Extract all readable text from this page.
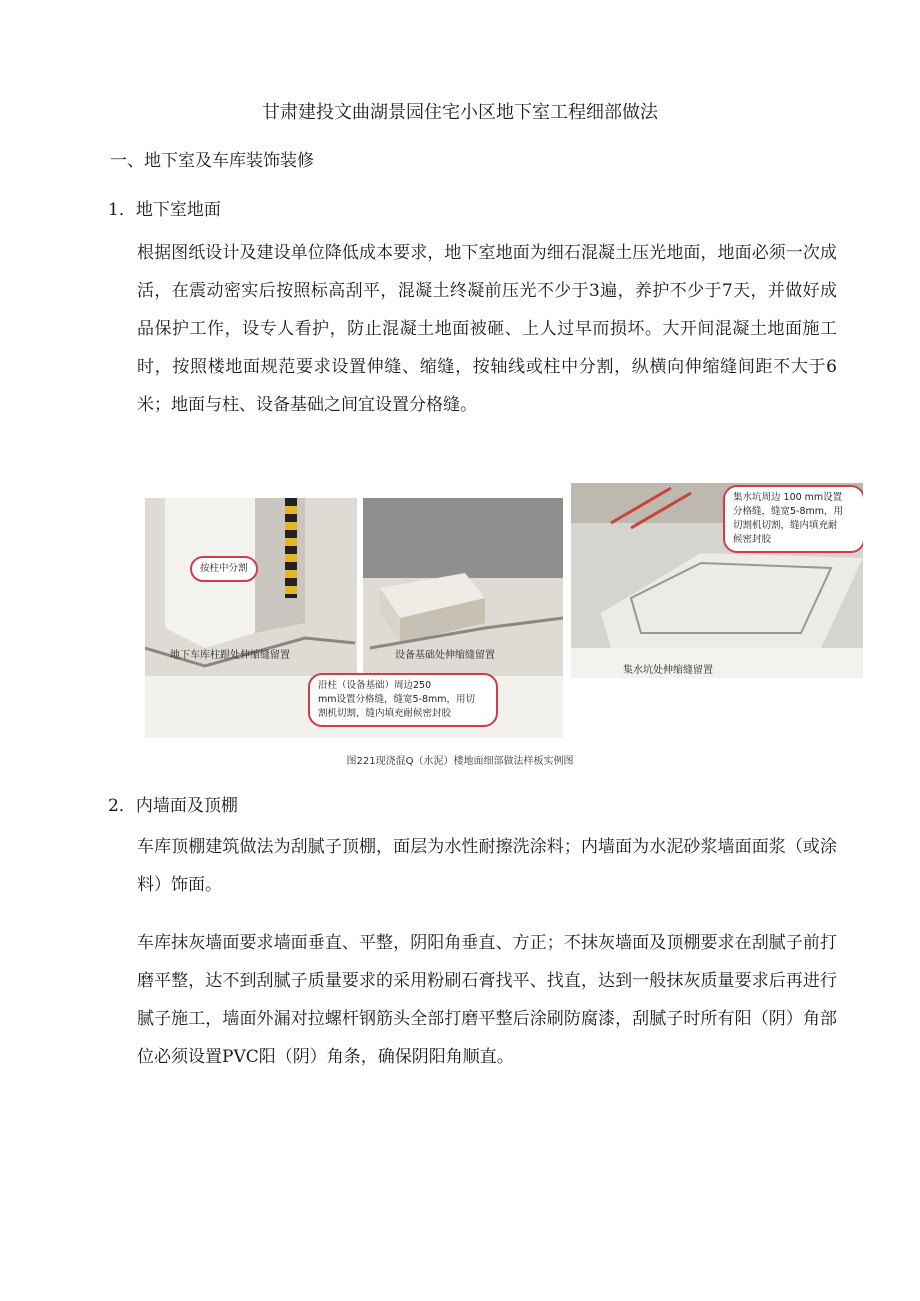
甘肃建投文曲湖景园住宅小区地下室工程细部做法
一、地下室及车库装饰装修
1．地下室地面

根据图纸设计及建设单位降低成本要求，地下室地面为细石混凝土压光地面，地面必须一次成活，在震动密实后按照标高刮平，混凝土终凝前压光不少于3遍，养护不少于7天，并做好成品保护工作，设专人看护，防止混凝土地面被砸、上人过早而损坏。大开间混凝土地面施工时，按照楼地面规范要求设置伸缝、缩缝，按轴线或柱中分割，纵横向伸缩缝间距不大于6米；地面与柱、设备基础之间宜设置分格缝。

按柱中分割
地下车库柱跟处伸缩缝留置	设备基础处伸缩缝留置
沿柱（设备基础）周边250
mm设置分格缝，缝宽5-8mm，用切
割机切割，缝内填充耐候密封胶
集水坑周边 100 mm设置
分格缝，缝宽5-8mm，用
切割机切割，缝内填充耐
候密封胶
集水坑处伸缩缝留置
图221现浇混Q（水泥）楼地面细部做法样板实例图
2．内墙面及顶棚

车库顶棚建筑做法为刮腻子顶棚，面层为水性耐擦洗涂料；内墙面为水泥砂浆墙面面浆（或涂料）饰面。

车库抹灰墙面要求墙面垂直、平整，阴阳角垂直、方正；不抹灰墙面及顶棚要求在刮腻子前打磨平整，达不到刮腻子质量要求的采用粉刷石膏找平、找直，达到一般抹灰质量要求后再进行腻子施工，墙面外漏对拉螺杆钢筋头全部打磨平整后涂刷防腐漆，刮腻子时所有阳（阴）角部位必须设置PVC阳（阴）角条，确保阴阳角顺直。
